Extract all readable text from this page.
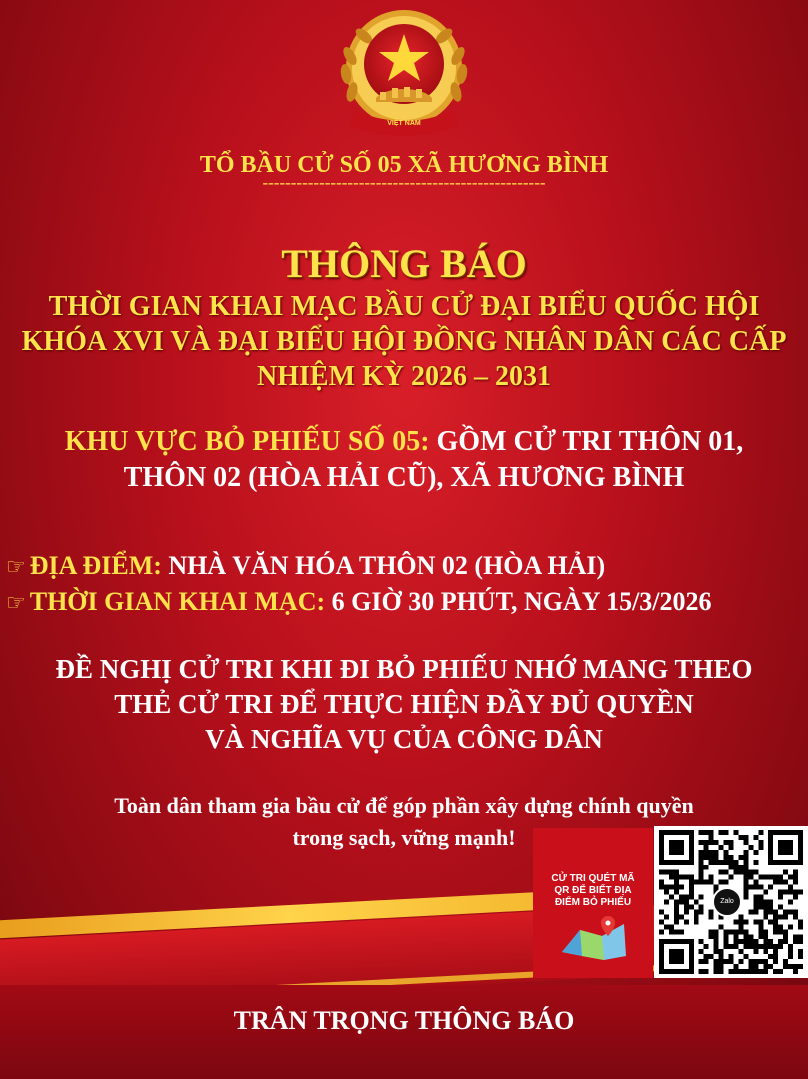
VIỆT NAM
TỔ BẦU CỬ SỐ 05 XÃ HƯƠNG BÌNH
--------------------------------------------------
THÔNG BÁO
THỜI GIAN KHAI MẠC BẦU CỬ ĐẠI BIỂU QUỐC HỘI
KHÓA XVI VÀ ĐẠI BIỂU HỘI ĐỒNG NHÂN DÂN CÁC CẤP
NHIỆM KỲ 2026 – 2031
KHU VỰC BỎ PHIẾU SỐ 05: GỒM CỬ TRI THÔN 01,
THÔN 02 (HÒA HẢI CŨ), XÃ HƯƠNG BÌNH
☞ ĐỊA ĐIỂM: NHÀ VĂN HÓA THÔN 02 (HÒA HẢI)
☞ THỜI GIAN KHAI MẠC: 6 GIỜ 30 PHÚT, NGÀY 15/3/2026
ĐỀ NGHỊ CỬ TRI KHI ĐI BỎ PHIẾU NHỚ MANG THEO
THẺ CỬ TRI ĐỂ THỰC HIỆN ĐẦY ĐỦ QUYỀN
VÀ NGHĨA VỤ CỦA CÔNG DÂN
Toàn dân tham gia bầu cử để góp phần xây dựng chính quyền
trong sạch, vững mạnh!
TRÂN TRỌNG THÔNG BÁO
CỬ TRI QUÉT MÃ
QR ĐỂ BIẾT ĐỊA
ĐIỂM BỎ PHIẾU	Zalo
